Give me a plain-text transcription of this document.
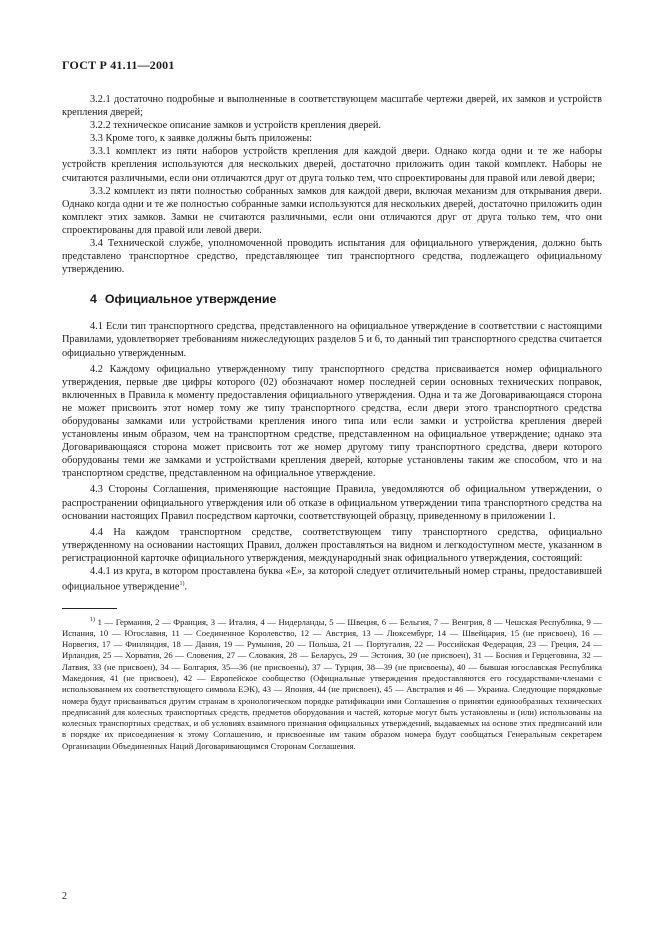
ГОСТ Р 41.11—2001

3.2.1 достаточно подробные и выполненные в соответствующем масштабе чертежи дверей, их замков и устройств крепления дверей;

3.2.2 техническое описание замков и устройств крепления дверей.

3.3 Кроме того, к заявке должны быть приложены:

3.3.1 комплект из пяти наборов устройств крепления для каждой двери. Однако когда одни и те же наборы устройств крепления используются для нескольких дверей, достаточно приложить один такой комплект. Наборы не считаются различными, если они отличаются друг от друга только тем, что спроектированы для правой или левой двери;

3.3.2 комплект из пяти полностью собранных замков для каждой двери, включая механизм для открывания двери. Однако когда одни и те же полностью собранные замки используются для нескольких дверей, достаточно приложить один комплект этих замков. Замки не считаются различными, если они отличаются друг от друга только тем, что они спроектированы для правой или левой двери.

3.4 Технической службе, уполномоченной проводить испытания для официального утверждения, должно быть представлено транспортное средство, представляющее тип транспортного средства, подлежащего официальному утверждению.

4 Официальное утверждение

4.1 Если тип транспортного средства, представленного на официальное утверждение в соответствии с настоящими Правилами, удовлетворяет требованиям нижеследующих разделов 5 и 6, то данный тип транспортного средства считается официально утвержденным.

4.2 Каждому официально утвержденному типу транспортного средства присваивается номер официального утверждения, первые две цифры которого (02) обозначают номер последней серии основных технических поправок, включенных в Правила к моменту предоставления официального утверждения. Одна и та же Договаривающаяся сторона не может присвоить этот номер тому же типу транспортного средства, если двери этого транспортного средства оборудованы замками или устройствами крепления иного типа или если замки и устройства крепления дверей установлены иным образом, чем на транспортном средстве, представленном на официальное утверждение; однако эта Договаривающаяся сторона может присвоить тот же номер другому типу транспортного средства, двери которого оборудованы теми же замками и устройствами крепления дверей, которые установлены таким же способом, что и на транспортном средстве, представленном на официальное утверждение.

4.3 Стороны Соглашения, применяющие настоящие Правила, уведомляются об официальном утверждении, о распространении официального утверждения или об отказе в официальном утверждении типа транспортного средства на основании настоящих Правил посредством карточки, соответствующей образцу, приведенному в приложении 1.

4.4 На каждом транспортном средстве, соответствующем типу транспортного средства, официально утвержденному на основании настоящих Правил, должен проставляться на видном и легкодоступном месте, указанном в регистрационной карточке официального утверждения, международный знак официального утверждения, состоящий:

4.4.1 из круга, в котором проставлена буква «Е», за которой следует отличительный номер страны, предоставившей официальное утверждение$^{1)}$.

$^{1)}$ 1 — Германия, 2 — Франция, 3 — Италия, 4 — Нидерланды, 5 — Швеция, 6 — Бельгия, 7 — Венгрия, 8 — Чешская Республика, 9 — Испания, 10 — Югославия, 11 — Соединенное Королевство, 12 — Австрия, 13 — Люксембург, 14 — Швейцария, 15 (не присвоен), 16 — Норвегия, 17 — Финляндия, 18 — Дания, 19 — Румыния, 20 — Польша, 21 — Португалия, 22 — Российская Федерация, 23 — Греция, 24 — Ирландия, 25 — Хорватия, 26 — Словения, 27 — Словакия, 28 — Беларусь, 29 — Эстония, 30 (не присвоен), 31 — Босния и Герцеговина, 32 — Латвия, 33 (не присвоен), 34 — Болгария, 35—36 (не присвоены), 37 — Турция, 38—39 (не присвоены), 40 — бывшая югославская Республика Македония, 41 (не присвоен), 42 — Европейское сообщество (Официальные утверждения предоставляются его государствами-членами с использованием их соответствующего символа ЕЭК), 43 — Япония, 44 (не присвоен), 45 — Австралия и 46 — Украина. Следующие порядковые номера будут присваиваться другим странам в хронологическом порядке ратификации ими Соглашения о принятии единообразных технических предписаний для колесных транспортных средств, предметов оборудования и частей, которые могут быть установлены и (или) использованы на колесных транспортных средствах, и об условиях взаимного признания официальных утверждений, выдаваемых на основе этих предписаний или в порядке их присоединения к этому Соглашению, и присвоенные им таким образом номера будут сообщаться Генеральным секретарем Организации Объединенных Наций Договаривающимся Сторонам Соглашения.

2
